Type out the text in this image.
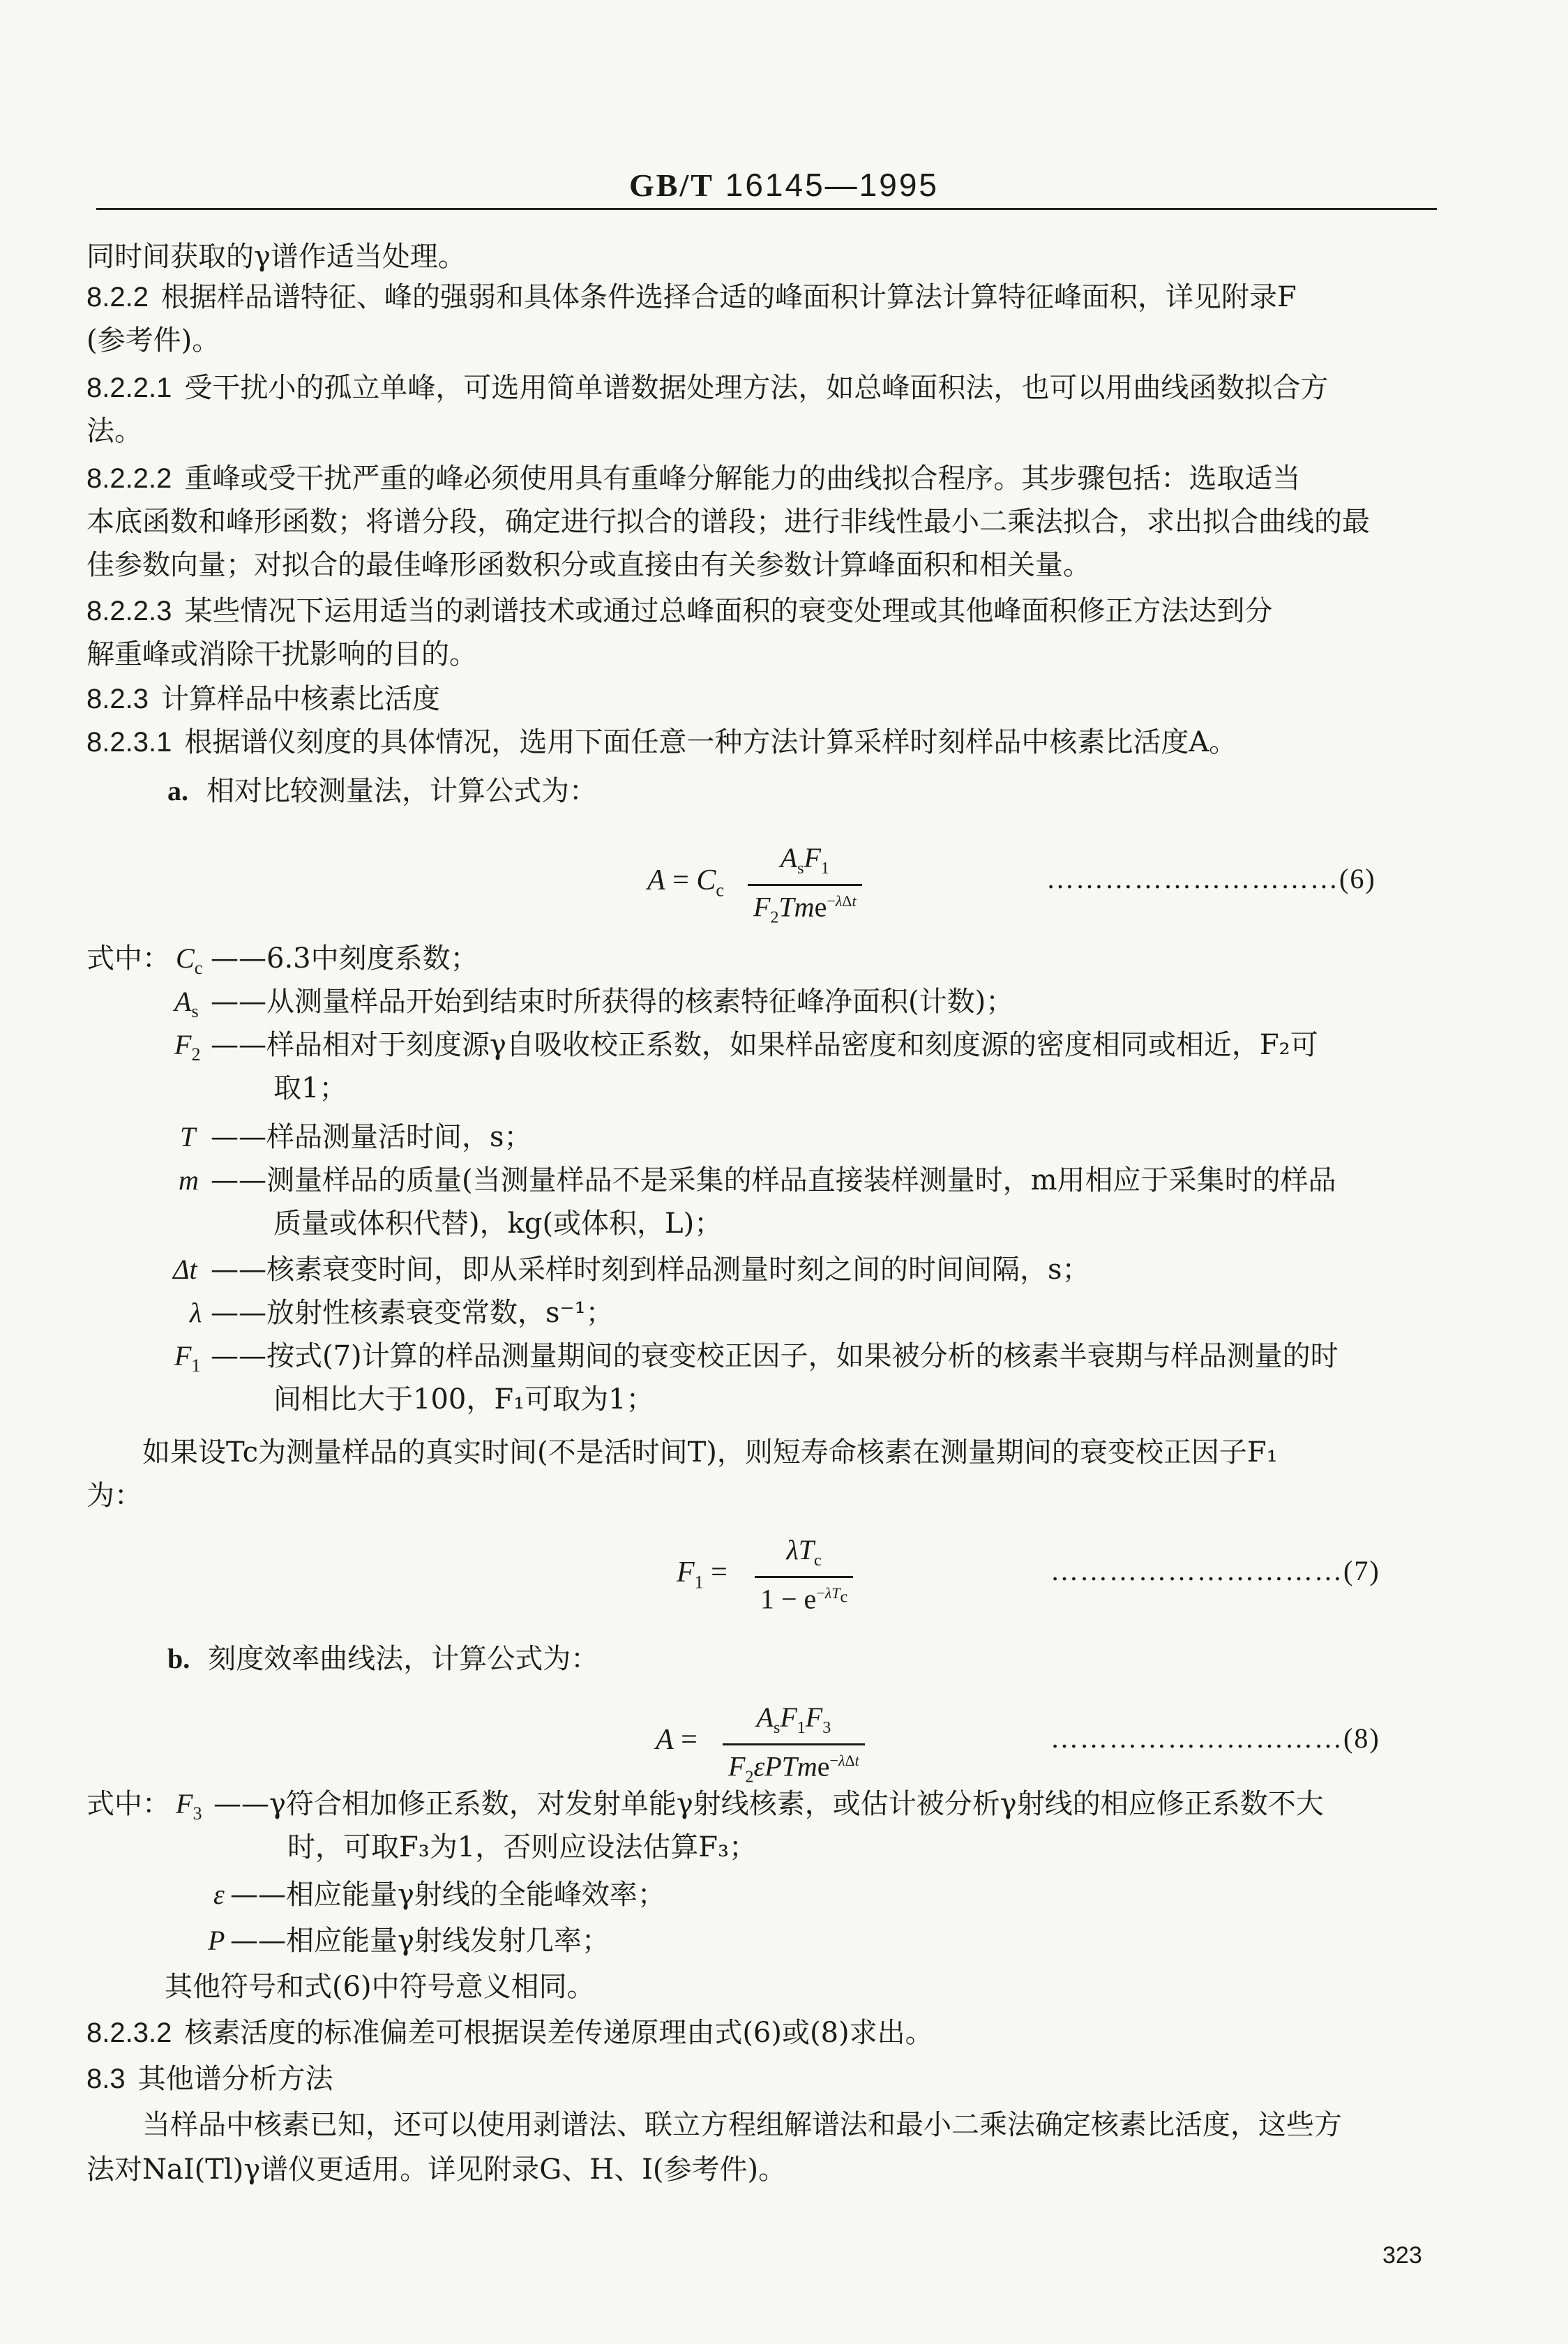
GB/T 16145—1995
同时间获取的γ谱作适当处理。
8.2.2 根据样品谱特征、峰的强弱和具体条件选择合适的峰面积计算法计算特征峰面积，详见附录F
(参考件)。
8.2.2.1 受干扰小的孤立单峰，可选用简单谱数据处理方法，如总峰面积法，也可以用曲线函数拟合方
法。
8.2.2.2 重峰或受干扰严重的峰必须使用具有重峰分解能力的曲线拟合程序。其步骤包括：选取适当
本底函数和峰形函数；将谱分段，确定进行拟合的谱段；进行非线性最小二乘法拟合，求出拟合曲线的最
佳参数向量；对拟合的最佳峰形函数积分或直接由有关参数计算峰面积和相关量。
8.2.2.3 某些情况下运用适当的剥谱技术或通过总峰面积的衰变处理或其他峰面积修正方法达到分
解重峰或消除干扰影响的目的。
8.2.3 计算样品中核素比活度
8.2.3.1 根据谱仪刻度的具体情况，选用下面任意一种方法计算采样时刻样品中核素比活度A。
a. 相对比较测量法，计算公式为：
$A = C_c$
$A_sF_1$
$F_2Tme^{-\lambda\Delta t}$
…………………………(6)
式中： $C_c$ ——6.3中刻度系数；
$A_s$ ——从测量样品开始到结束时所获得的核素特征峰净面积(计数)；
$F_2$ ——样品相对于刻度源γ自吸收校正系数，如果样品密度和刻度源的密度相同或相近，F₂可
取1；
T ——样品测量活时间，s；
m ——测量样品的质量(当测量样品不是采集的样品直接装样测量时，m用相应于采集时的样品
质量或体积代替)，kg(或体积，L)；
Δt ——核素衰变时间，即从采样时刻到样品测量时刻之间的时间间隔，s；
λ ——放射性核素衰变常数，s⁻¹；
$F_1$ ——按式(7)计算的样品测量期间的衰变校正因子，如果被分析的核素半衰期与样品测量的时
间相比大于100，F₁可取为1；
如果设Tc为测量样品的真实时间(不是活时间T)，则短寿命核素在测量期间的衰变校正因子F₁
为：
$F_1$ =
$\lambda T_c$
$1 - e^{-\lambda T_c}$
…………………………(7)
b. 刻度效率曲线法，计算公式为：
A =
$A_sF_1F_3$
$F_2\varepsilon PTme^{-\lambda\Delta t}$
…………………………(8)
式中： $F_3$ ——γ符合相加修正系数，对发射单能γ射线核素，或估计被分析γ射线的相应修正系数不大
时，可取F₃为1，否则应设法估算F₃；
ε ——相应能量γ射线的全能峰效率；
P ——相应能量γ射线发射几率；
其他符号和式(6)中符号意义相同。
8.2.3.2 核素活度的标准偏差可根据误差传递原理由式(6)或(8)求出。
8.3 其他谱分析方法
当样品中核素已知，还可以使用剥谱法、联立方程组解谱法和最小二乘法确定核素比活度，这些方
法对NaI(Tl)γ谱仪更适用。详见附录G、H、I(参考件)。
323
